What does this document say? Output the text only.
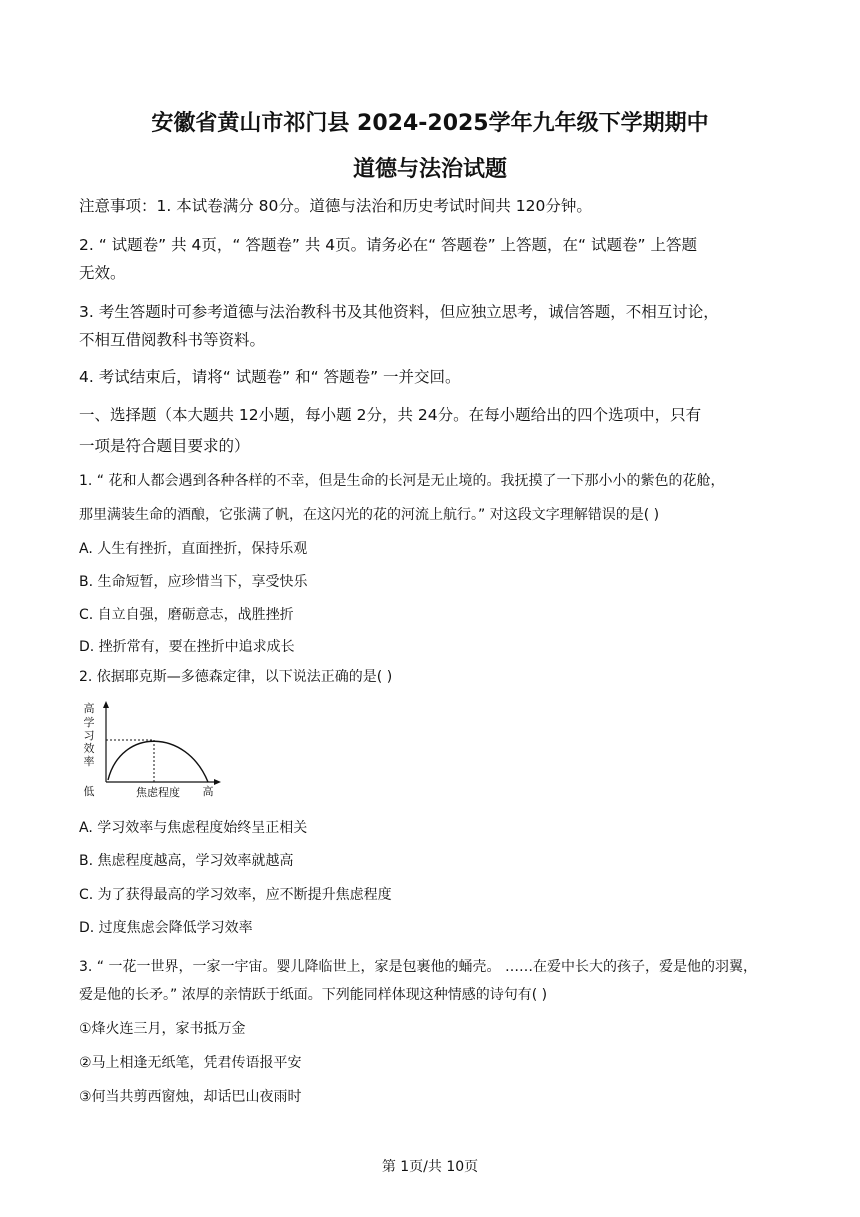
安徽省黄山市祁门县 2024-2025学年九年级下学期期中
道德与法治试题
注意事项：1. 本试卷满分 80分。道德与法治和历史考试时间共 120分钟。
2. “ 试题卷” 共 4页，“ 答题卷” 共 4页。请务必在“ 答题卷” 上答题，在“ 试题卷” 上答题
无效。
3. 考生答题时可参考道德与法治教科书及其他资料，但应独立思考，诚信答题，不相互讨论，
不相互借阅教科书等资料。
4. 考试结束后，请将“ 试题卷” 和“ 答题卷” 一并交回。
一、选择题（本大题共 12小题，每小题 2分，共 24分。在每小题给出的四个选项中，只有
一项是符合题目要求的）
1. “ 花和人都会遇到各种各样的不幸，但是生命的长河是无止境的。我抚摸了一下那小小的紫色的花舱，
那里满装生命的酒酿，它张满了帆，在这闪光的花的河流上航行。” 对这段文字理解错误的是( )
A. 人生有挫折，直面挫折，保持乐观
B. 生命短暂，应珍惜当下，享受快乐
C. 自立自强，磨砺意志，战胜挫折
D. 挫折常有，要在挫折中追求成长
2. 依据耶克斯—多德森定律，以下说法正确的是( )
高
学
习
效
率
低	焦虑程度 高
A. 学习效率与焦虑程度始终呈正相关
B. 焦虑程度越高，学习效率就越高
C. 为了获得最高的学习效率，应不断提升焦虑程度
D. 过度焦虑会降低学习效率
3. “ 一花一世界，一家一宇宙。婴儿降临世上，家是包裹他的蛹壳。 ……在爱中长大的孩子，爱是他的羽翼，
爱是他的长矛。” 浓厚的亲情跃于纸面。下列能同样体现这种情感的诗句有( )
①烽火连三月，家书抵万金
②马上相逢无纸笔，凭君传语报平安
③何当共剪西窗烛，却话巴山夜雨时
第 1页/共 10页
